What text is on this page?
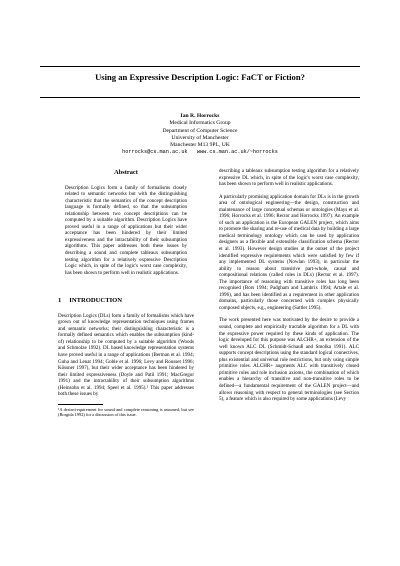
Using an Expressive Description Logic: FaCT or Fiction?
Ian R. Horrocks
Medical Informatics Group
Department of Computer Science
University of Manchester
Manchester M13 9PL, UK
horrocks@cs.man.ac.uk   www.cs.man.ac.uk/~horrocks
Abstract
Description Logics form a family of formalisms closely related to semantic networks but with the distinguishing characteristic that the semantics of the concept description language is formally defined, so that the subsumption relationship between two concept descriptions can be computed by a suitable algorithm. Description Logics have proved useful in a range of applications but their wider acceptance has been hindered by their limited expressiveness and the intractability of their subsumption algorithms. This paper addresses both these issues by describing a sound and complete tableaux subsumption testing algorithm for a relatively expressive Description Logic which, in spite of the logic's worst case complexity, has been shown to perform well in realistic applications.
1 INTRODUCTION

Description Logics (DLs) form a family of formalisms which have grown out of knowledge representation techniques using frames and semantic networks; their distinguishing characteristic is a formally defined semantics which enables the subsumption (kind-of) relationship to be computed by a suitable algorithm (Woods and Schmolze 1992). DL based knowledge representation systems have proved useful in a range of applications (Berman et al. 1994; Guha and Lenat 1994; Goble et al. 1996; Levy and Rousset 1996; Kössner 1997), but their wider acceptance has been hindered by their limited expressiveness (Doyle and Patil 1991; MacGregor 1991) and the intractability of their subsumption algorithms (Heinsohn et al. 1994; Speel et al. 1995).¹ This paper addresses both these issues by

¹A desire/requirement for sound and complete reasoning is assumed, but see (Borgida 1992) for a discussion of this issue.

describing a tableaux subsumption testing algorithm for a relatively expressive DL which, in spite of the logic's worst case complexity, has been shown to perform well in realistic applications.

A particularly promising application domain for DLs is in the growth area of ontological engineering—the design, construction and maintenance of large conceptual schemas or ontologies (Mays et al. 1996; Horrocks et al. 1996; Rector and Horrocks 1997). An example of such an application is the European GALEN project, which aims to promote the sharing and re-use of medical data by building a large medical terminology ontology which can be used by application designers as a flexible and extensible classification schema (Rector et al. 1993). However design studies at the outset of the project identified expressive requirements which were satisfied by few if any implemented DL systems (Nowlan 1993), in particular the ability to reason about transitive part-whole, causal and compositional relations (called roles in DLs) (Rector et al. 1997). The importance of reasoning with transitive roles has long been recognised (Bors 1994; Padgham and Lambrix 1994; Artale et al. 1996), and has been identified as a requirement in other application domains, particularly those concerned with complex physically composed objects, e.g., engineering (Sattler 1995).

The work presented here was motivated by the desire to provide a sound, complete and empirically tractable algorithm for a DL with the expressive power required by these kinds of application. The logic developed for this purpose was ALCHR+, an extension of the well known ALC DL (Schmidt-Schauß and Smolka 1991). ALC supports concept descriptions using the standard logical connectives, plus existential and universal role restrictions, but only using simple primitive roles. ALCHR+ augments ALC with transitively closed primitive roles and role inclusion axioms, the combination of which enables a hierarchy of transitive and non-transitive roles to be defined—a fundamental requirement of the GALEN project—and allows reasoning with respect to general terminologies (see Section 5), a feature which is also required by some applications (Levy
